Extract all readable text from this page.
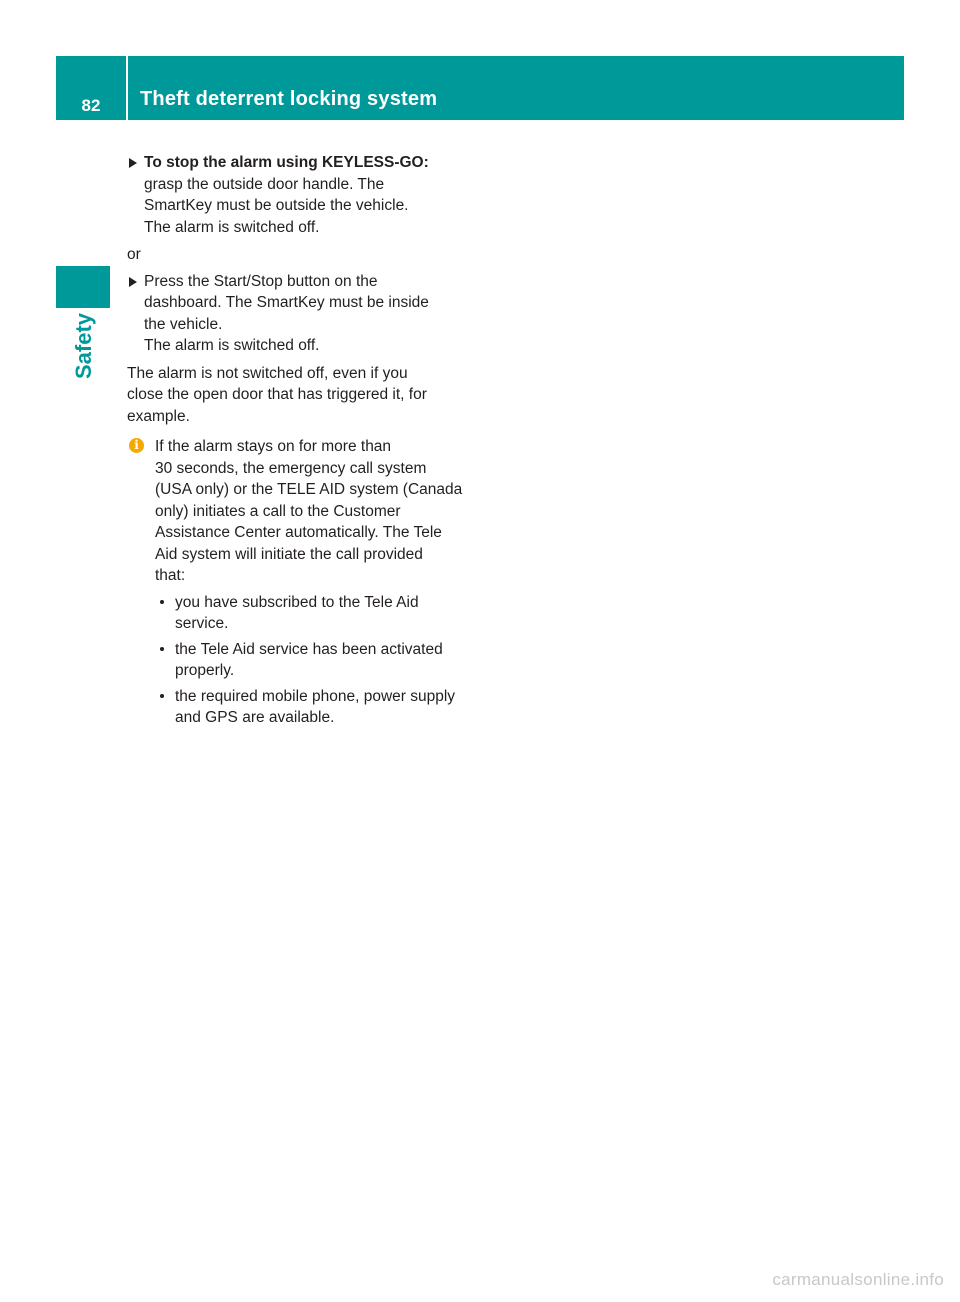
82	Theft deterrent locking system
Safety
To stop the alarm using KEYLESS-GO:
grasp the outside door handle. The
SmartKey must be outside the vehicle.
The alarm is switched off.
or
Press the Start/Stop button on the
dashboard. The SmartKey must be inside
the vehicle.
The alarm is switched off.
The alarm is not switched off, even if you
close the open door that has triggered it, for
example.
i	If the alarm stays on for more than
30 seconds, the emergency call system
(USA only) or the TELE AID system (Canada
only) initiates a call to the Customer
Assistance Center automatically. The Tele
Aid system will initiate the call provided
that:
you have subscribed to the Tele Aid
service.
the Tele Aid service has been activated
properly.
the required mobile phone, power supply
and GPS are available.
carmanualsonline.info
